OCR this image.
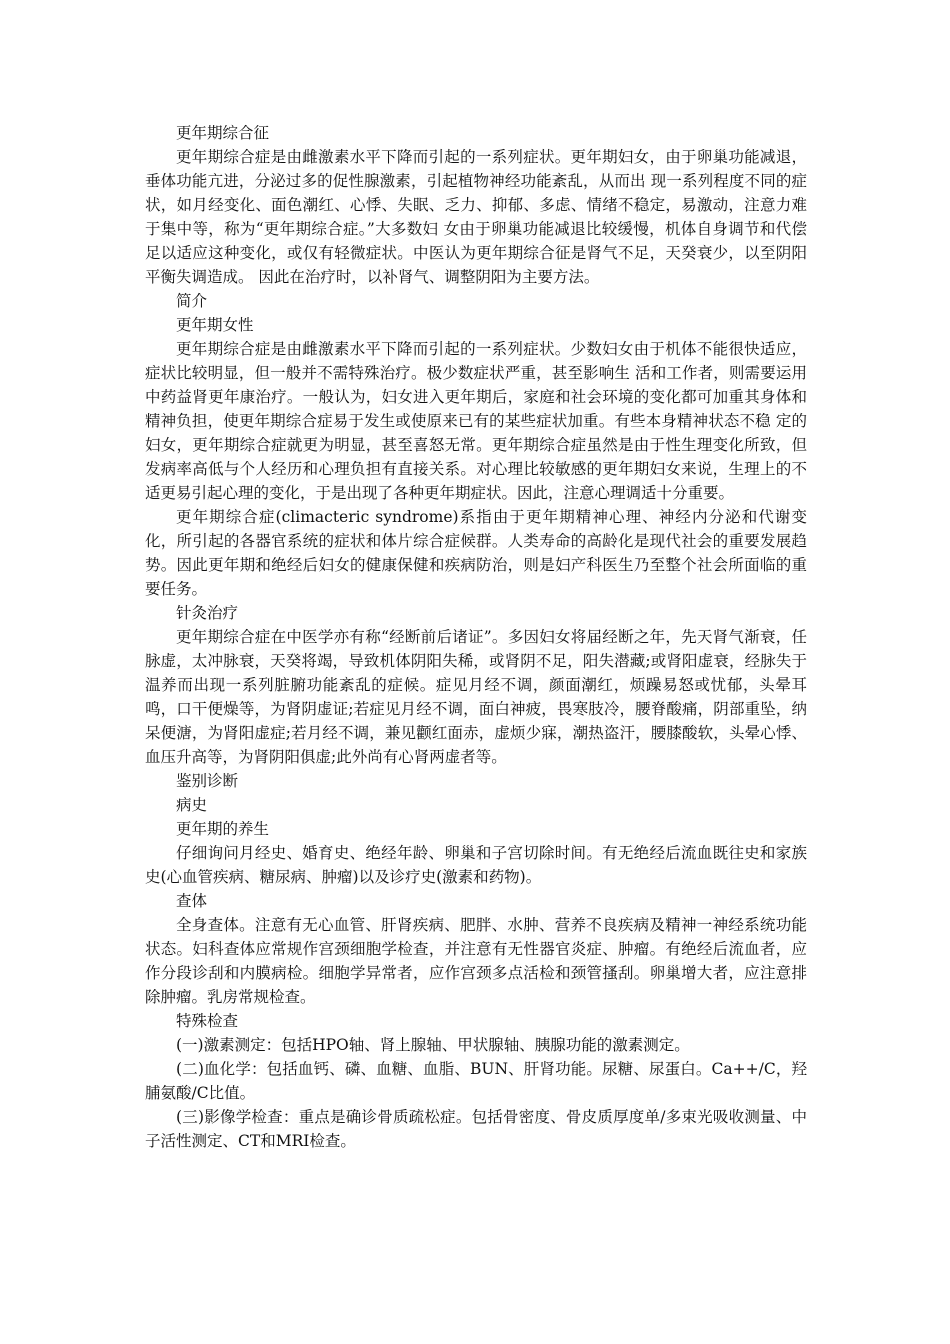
更年期综合征

更年期综合症是由雌激素水平下降而引起的一系列症状。更年期妇女，由于卵巢功能减退，垂体功能亢进，分泌过多的促性腺激素，引起植物神经功能紊乱，从而出 现一系列程度不同的症状，如月经变化、面色潮红、心悸、失眠、乏力、抑郁、多虑、情绪不稳定，易激动，注意力难于集中等，称为“更年期综合症。”大多数妇 女由于卵巢功能减退比较缓慢，机体自身调节和代偿足以适应这种变化，或仅有轻微症状。中医认为更年期综合征是肾气不足，天癸衰少，以至阴阳平衡失调造成。 因此在治疗时，以补肾气、调整阴阳为主要方法。

简介

更年期女性

更年期综合症是由雌激素水平下降而引起的一系列症状。少数妇女由于机体不能很快适应，症状比较明显，但一般并不需特殊治疗。极少数症状严重，甚至影响生 活和工作者，则需要运用中药益肾更年康治疗。一般认为，妇女进入更年期后，家庭和社会环境的变化都可加重其身体和精神负担，使更年期综合症易于发生或使原来已有的某些症状加重。有些本身精神状态不稳 定的妇女，更年期综合症就更为明显，甚至喜怒无常。更年期综合症虽然是由于性生理变化所致，但发病率高低与个人经历和心理负担有直接关系。对心理比较敏感的更年期妇女来说，生理上的不适更易引起心理的变化，于是出现了各种更年期症状。因此，注意心理调适十分重要。

更年期综合症(climacteric syndrome)系指由于更年期精神心理、神经内分泌和代谢变化，所引起的各器官系统的症状和体片综合症候群。人类寿命的高龄化是现代社会的重要发展趋势。因此更年期和绝经后妇女的健康保健和疾病防治，则是妇产科医生乃至整个社会所面临的重要任务。

针灸治疗

更年期综合症在中医学亦有称“经断前后诸证”。多因妇女将届经断之年，先天肾气渐衰，任脉虚，太冲脉衰，天癸将竭，导致机体阴阳失稀，或肾阴不足，阳失潜藏;或肾阳虚衰，经脉失于温养而出现一系列脏腑功能紊乱的症候。症见月经不调，颜面潮红，烦躁易怒或忧郁，头晕耳鸣，口干便燥等，为肾阴虚证;若症见月经不调，面白神疲，畏寒肢冷，腰脊酸痛，阴部重坠，纳呆便溏，为肾阳虚症;若月经不调，兼见颧红面赤，虚烦少寐，潮热盗汗，腰膝酸软，头晕心悸、血压升高等，为肾阴阳俱虚;此外尚有心肾两虚者等。

鉴别诊断

病史

更年期的养生

仔细询问月经史、婚育史、绝经年龄、卵巢和子宫切除时间。有无绝经后流血既往史和家族史(心血管疾病、糖尿病、肿瘤)以及诊疗史(激素和药物)。

查体

全身查体。注意有无心血管、肝肾疾病、肥胖、水肿、营养不良疾病及精神一神经系统功能状态。妇科查体应常规作宫颈细胞学检查，并注意有无性器官炎症、肿瘤。有绝经后流血者，应作分段诊刮和内膜病检。细胞学异常者，应作宫颈多点活检和颈管搔刮。卵巢增大者，应注意排除肿瘤。乳房常规检查。

特殊检查

(一)激素测定：包括HPO轴、肾上腺轴、甲状腺轴、胰腺功能的激素测定。

(二)血化学：包括血钙、磷、血糖、血脂、BUN、肝肾功能。尿糖、尿蛋白。Ca++/C，羟脯氨酸/C比值。

(三)影像学检查：重点是确诊骨质疏松症。包括骨密度、骨皮质厚度单/多束光吸收测量、中子活性测定、CT和MRI检查。
